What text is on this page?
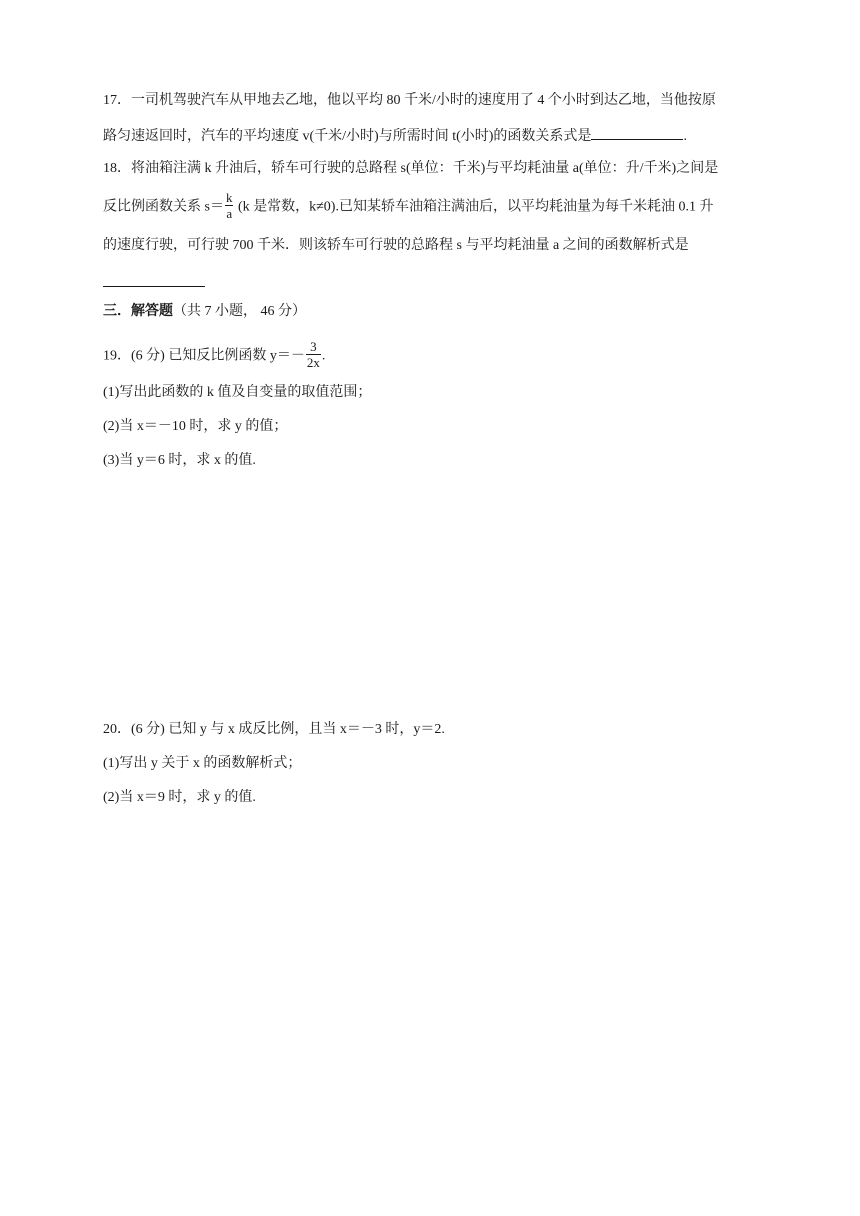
17．一司机驾驶汽车从甲地去乙地，他以平均 80 千米/小时的速度用了 4 个小时到达乙地，当他按原
路匀速返回时，汽车的平均速度 v(千米/小时)与所需时间 t(小时)的函数关系式是	.
18．将油箱注满 k 升油后，轿车可行驶的总路程 s(单位：千米)与平均耗油量 a(单位：升/千米)之间是
反比例函数关系 $s= \frac{k}{a} (k$ 是常数，k≠0).已知某轿车油箱注满油后，以平均耗油量为每千米耗油 0.1 升
的速度行驶，可行驶 700 千米．则该轿车可行驶的总路程 s 与平均耗油量 a 之间的函数解析式是
三．解答题（共 7 小题， 46 分）
19．(6 分) 已知反比例函数 $y=- \frac{3}{2x}$ .
(1)写出此函数的 k 值及自变量的取值范围；
(2)当 x＝－10 时，求 y 的值；
(3)当 y＝6 时，求 x 的值.
20．(6 分) 已知 y 与 x 成反比例，且当 x＝－3 时，y＝2.
(1)写出 y 关于 x 的函数解析式；
(2)当 x＝9 时，求 y 的值.
